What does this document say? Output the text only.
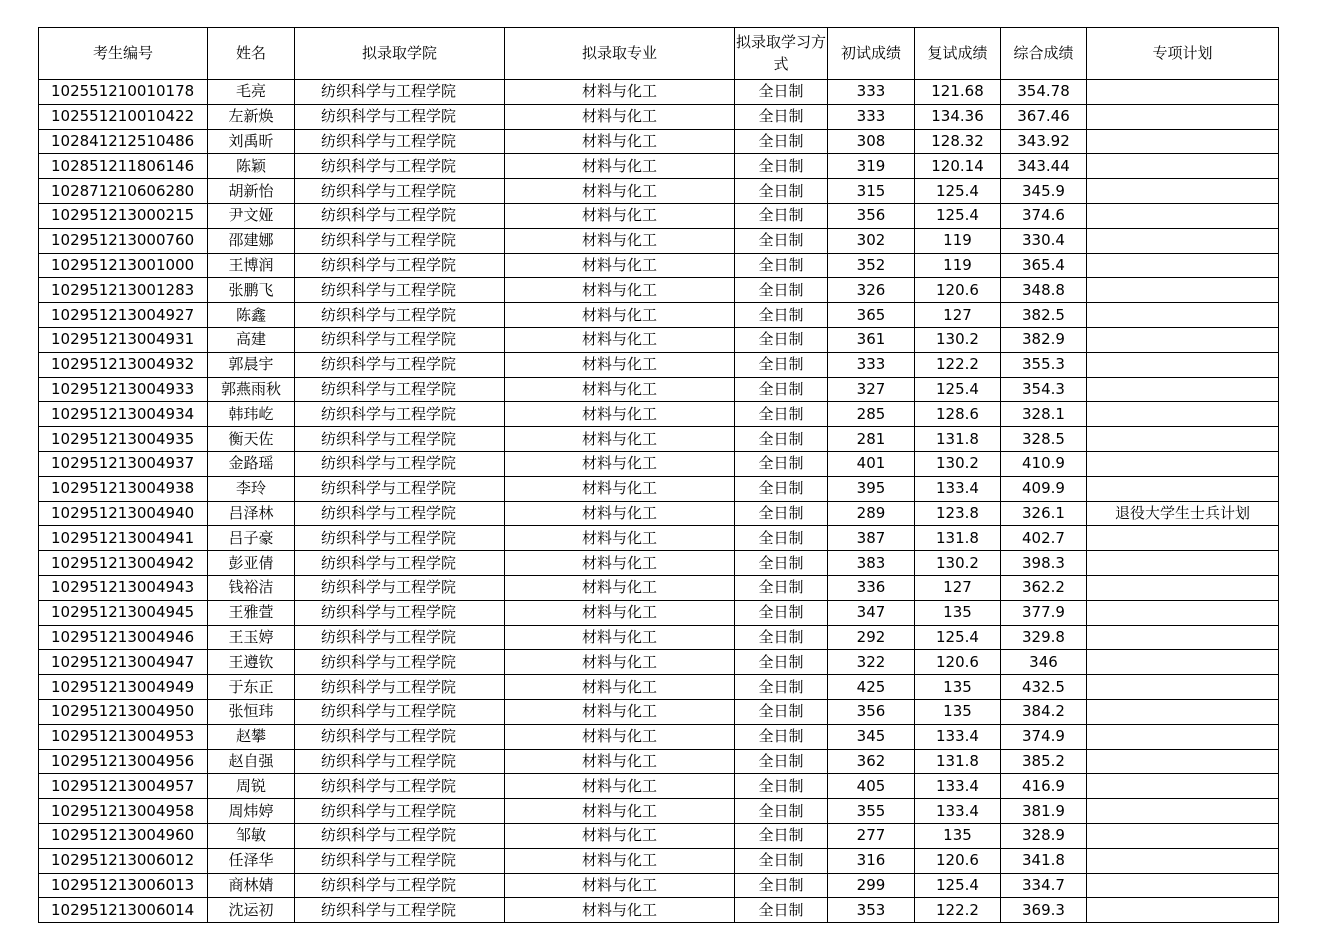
考生编号	姓名	拟录取学院	拟录取专业	拟录取学习方式	初试成绩	复试成绩	综合成绩	专项计划
102551210010178	毛亮	纺织科学与工程学院	材料与化工	全日制	333	121.68	354.78	
102551210010422	左新焕	纺织科学与工程学院	材料与化工	全日制	333	134.36	367.46	
102841212510486	刘禹昕	纺织科学与工程学院	材料与化工	全日制	308	128.32	343.92	
102851211806146	陈颖	纺织科学与工程学院	材料与化工	全日制	319	120.14	343.44	
102871210606280	胡新怡	纺织科学与工程学院	材料与化工	全日制	315	125.4	345.9	
102951213000215	尹文娅	纺织科学与工程学院	材料与化工	全日制	356	125.4	374.6	
102951213000760	邵建娜	纺织科学与工程学院	材料与化工	全日制	302	119	330.4	
102951213001000	王博润	纺织科学与工程学院	材料与化工	全日制	352	119	365.4	
102951213001283	张鹏飞	纺织科学与工程学院	材料与化工	全日制	326	120.6	348.8	
102951213004927	陈鑫	纺织科学与工程学院	材料与化工	全日制	365	127	382.5	
102951213004931	高建	纺织科学与工程学院	材料与化工	全日制	361	130.2	382.9	
102951213004932	郭晨宇	纺织科学与工程学院	材料与化工	全日制	333	122.2	355.3	
102951213004933	郭燕雨秋	纺织科学与工程学院	材料与化工	全日制	327	125.4	354.3	
102951213004934	韩玮屹	纺织科学与工程学院	材料与化工	全日制	285	128.6	328.1	
102951213004935	衡天佐	纺织科学与工程学院	材料与化工	全日制	281	131.8	328.5	
102951213004937	金路瑶	纺织科学与工程学院	材料与化工	全日制	401	130.2	410.9	
102951213004938	李玲	纺织科学与工程学院	材料与化工	全日制	395	133.4	409.9	
102951213004940	吕泽林	纺织科学与工程学院	材料与化工	全日制	289	123.8	326.1	退役大学生士兵计划
102951213004941	吕子豪	纺织科学与工程学院	材料与化工	全日制	387	131.8	402.7	
102951213004942	彭亚倩	纺织科学与工程学院	材料与化工	全日制	383	130.2	398.3	
102951213004943	钱裕洁	纺织科学与工程学院	材料与化工	全日制	336	127	362.2	
102951213004945	王雅萱	纺织科学与工程学院	材料与化工	全日制	347	135	377.9	
102951213004946	王玉婷	纺织科学与工程学院	材料与化工	全日制	292	125.4	329.8	
102951213004947	王遵钦	纺织科学与工程学院	材料与化工	全日制	322	120.6	346	
102951213004949	于东正	纺织科学与工程学院	材料与化工	全日制	425	135	432.5	
102951213004950	张恒玮	纺织科学与工程学院	材料与化工	全日制	356	135	384.2	
102951213004953	赵攀	纺织科学与工程学院	材料与化工	全日制	345	133.4	374.9	
102951213004956	赵自强	纺织科学与工程学院	材料与化工	全日制	362	131.8	385.2	
102951213004957	周锐	纺织科学与工程学院	材料与化工	全日制	405	133.4	416.9	
102951213004958	周炜婷	纺织科学与工程学院	材料与化工	全日制	355	133.4	381.9	
102951213004960	邹敏	纺织科学与工程学院	材料与化工	全日制	277	135	328.9	
102951213006012	任泽华	纺织科学与工程学院	材料与化工	全日制	316	120.6	341.8	
102951213006013	商林婧	纺织科学与工程学院	材料与化工	全日制	299	125.4	334.7	
102951213006014	沈运初	纺织科学与工程学院	材料与化工	全日制	353	122.2	369.3	
